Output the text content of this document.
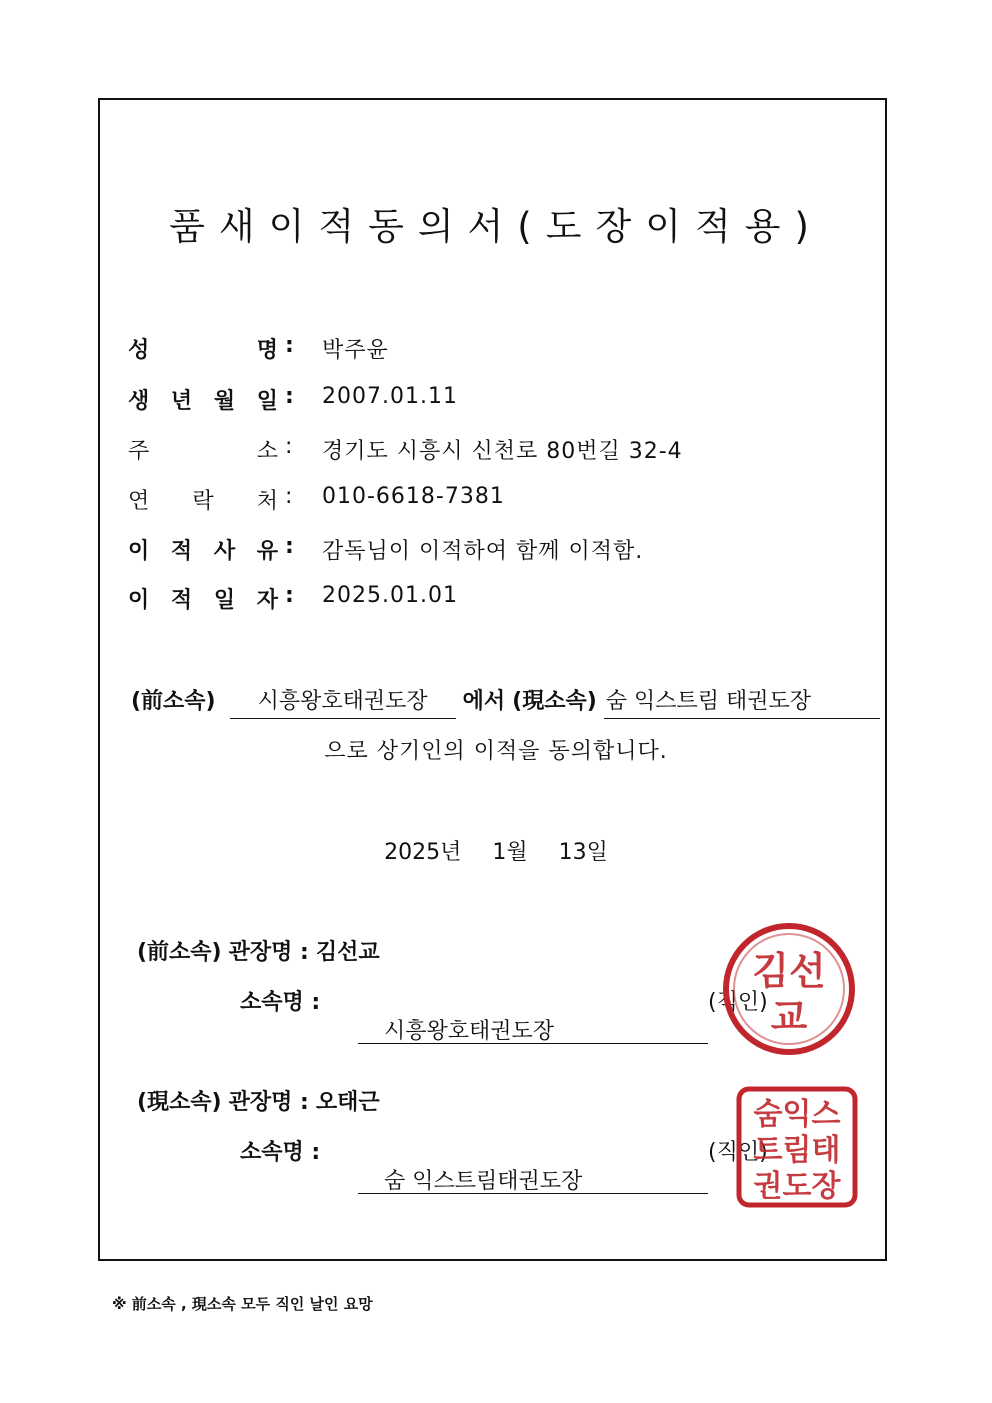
품새이적동의서(도장이적용)
성	명 : 박주윤
생 년 월 일 : 2007.01.11
주	소 : 경기도 시흥시 신천로 80번길 32-4
연 락 처 : 010-6618-7381
이 적 사 유 : 감독님이 이적하여 함께 이적함.
이 적 일 자 : 2025.01.01
(前소속) 시흥왕호태권도장 에서 (現소속) 숨 익스트림 태권도장
으로 상기인의 이적을 동의합니다.
2025년 1월 13일
(前소속) 관장명 : 김선교
소속명 :
시흥왕호태권도장
(직인)
김선
교
(現소속) 관장명 : 오태근
소속명 :
숨 익스트림태권도장
(직인)
숨익스
트림태
권도장
※ 前소속 , 現소속 모두 직인 날인 요망
